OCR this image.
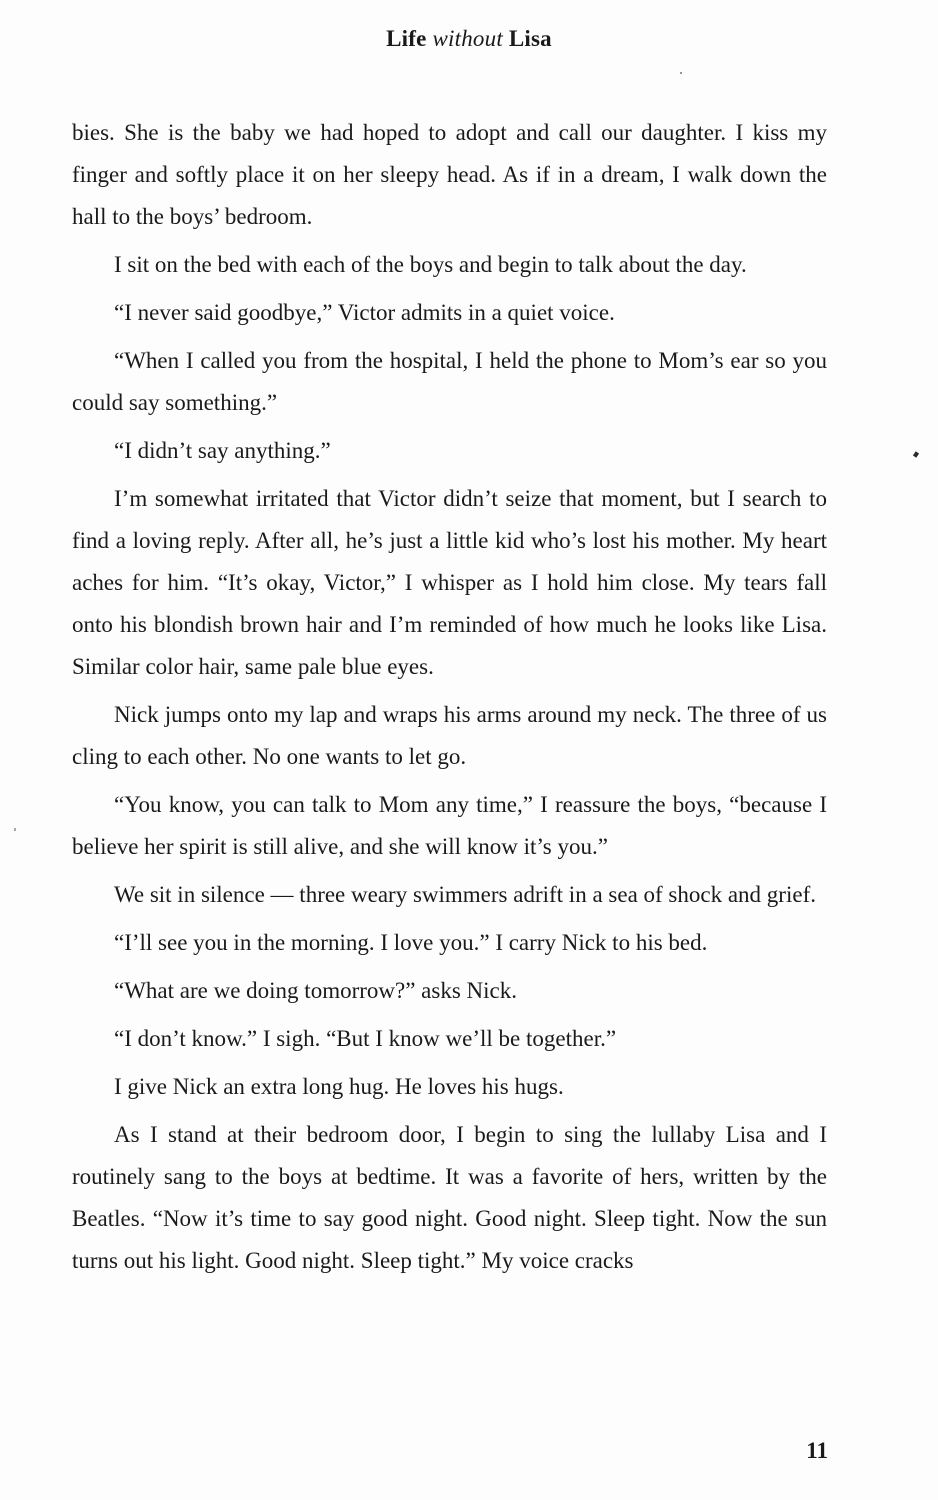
Life without Lisa

bies. She is the baby we had hoped to adopt and call our daughter. I kiss my finger and softly place it on her sleepy head. As if in a dream, I walk down the hall to the boys’ bedroom.

I sit on the bed with each of the boys and begin to talk about the day.

“I never said goodbye,” Victor admits in a quiet voice.

“When I called you from the hospital, I held the phone to Mom’s ear so you could say something.”

“I didn’t say anything.”

I’m somewhat irritated that Victor didn’t seize that moment, but I search to find a loving reply. After all, he’s just a little kid who’s lost his mother. My heart aches for him. “It’s okay, Victor,” I whisper as I hold him close. My tears fall onto his blondish brown hair and I’m reminded of how much he looks like Lisa. Similar color hair, same pale blue eyes.

Nick jumps onto my lap and wraps his arms around my neck. The three of us cling to each other. No one wants to let go.

“You know, you can talk to Mom any time,” I reassure the boys, “because I believe her spirit is still alive, and she will know it’s you.”

We sit in silence — three weary swimmers adrift in a sea of shock and grief.

“I’ll see you in the morning. I love you.” I carry Nick to his bed.

“What are we doing tomorrow?” asks Nick.

“I don’t know.” I sigh. “But I know we’ll be together.”

I give Nick an extra long hug. He loves his hugs.

As I stand at their bedroom door, I begin to sing the lullaby Lisa and I routinely sang to the boys at bedtime. It was a favorite of hers, written by the Beatles. “Now it’s time to say good night. Good night. Sleep tight. Now the sun turns out his light. Good night. Sleep tight.” My voice cracks

11
